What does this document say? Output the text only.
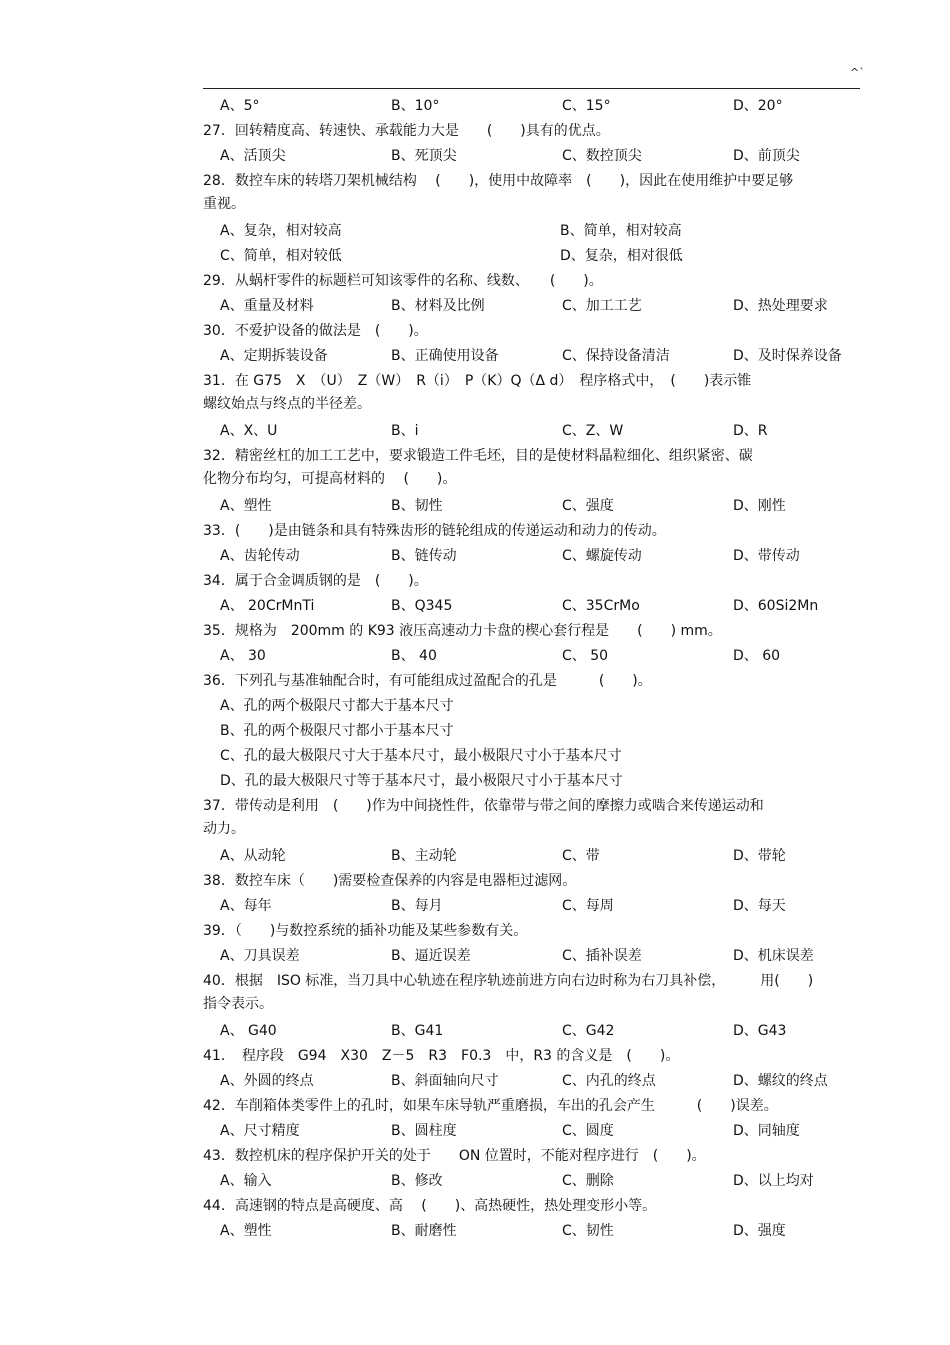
^`
A、5°	B、10°	C、15°	D、20°
27．回转精度高、转速快、承载能力大是　　(　　)具有的优点。
A、活顶尖	B、死顶尖	C、数控顶尖	D、前顶尖
28．数控车床的转塔刀架机械结构　 (　　)，使用中故障率　(　　)，因此在使用维护中要足够
重视。
A、复杂，相对较高	B、简单，相对较高
C、简单，相对较低	D、复杂，相对很低
29．从蜗杆零件的标题栏可知该零件的名称、线数、　　(　　)。
A、重量及材料	B、材料及比例	C、加工工艺	D、热处理要求
30．不爱护设备的做法是　(　　)。
A、定期拆装设备	B、正确使用设备	C、保持设备清洁	D、及时保养设备
31．在 G75　X　（U）　Z（W）　R（i）　P（K）Q（Δ d）　程序格式中，　(　　)表示锥
螺纹始点与终点的半径差。
A、X、U	B、i	C、Z、W	D、R
32．精密丝杠的加工工艺中，要求锻造工件毛坯，目的是使材料晶粒细化、组织紧密、碳
化物分布均匀，可提高材料的　 (　　)。
A、塑性	B、韧性	C、强度	D、刚性
33．(　　)是由链条和具有特殊齿形的链轮组成的传递运动和动力的传动。
A、齿轮传动	B、链传动	C、螺旋传动	D、带传动
34．属于合金调质钢的是　(　　)。
A、 20CrMnTi	B、Q345	C、35CrMo	D、60Si2Mn
35．规格为　200mm 的 K93 液压高速动力卡盘的楔心套行程是　　(　　) mm。
A、 30	B、 40	C、 50	D、 60
36．下列孔与基准轴配合时，有可能组成过盈配合的孔是　　　(　　)。
A、孔的两个极限尺寸都大于基本尺寸
B、孔的两个极限尺寸都小于基本尺寸
C、孔的最大极限尺寸大于基本尺寸，最小极限尺寸小于基本尺寸
D、孔的最大极限尺寸等于基本尺寸，最小极限尺寸小于基本尺寸
37．带传动是利用　(　　)作为中间挠性件，依靠带与带之间的摩擦力或啮合来传递运动和
动力。
A、从动轮	B、主动轮	C、带	D、带轮
38．数控车床（　　)需要检查保养的内容是电器柜过滤网。
A、每年	B、每月	C、每周	D、每天
39．（　　)与数控系统的插补功能及某些参数有关。
A、刀具误差	B、逼近误差	C、插补误差	D、机床误差
40．根据　ISO 标准，当刀具中心轨迹在程序轨迹前进方向右边时称为右刀具补偿，　　　用(　　)
指令表示。
A、 G40	B、G41	C、G42	D、G43
41．　程序段　G94　X30　Z－5　R3　F0.3　中，R3 的含义是　(　　)。
A、外圆的终点	B、斜面轴向尺寸	C、内孔的终点	D、螺纹的终点
42．车削箱体类零件上的孔时，如果车床导轨严重磨损，车出的孔会产生　　　(　　)误差。
A、尺寸精度	B、圆柱度	C、圆度	D、同轴度
43．数控机床的程序保护开关的处于　　ON 位置时，不能对程序进行　(　　)。
A、输入	B、修改	C、删除	D、以上均对
44．高速钢的特点是高硬度、高　 (　　)、高热硬性，热处理变形小等。
A、塑性	B、耐磨性	C、韧性	D、强度
